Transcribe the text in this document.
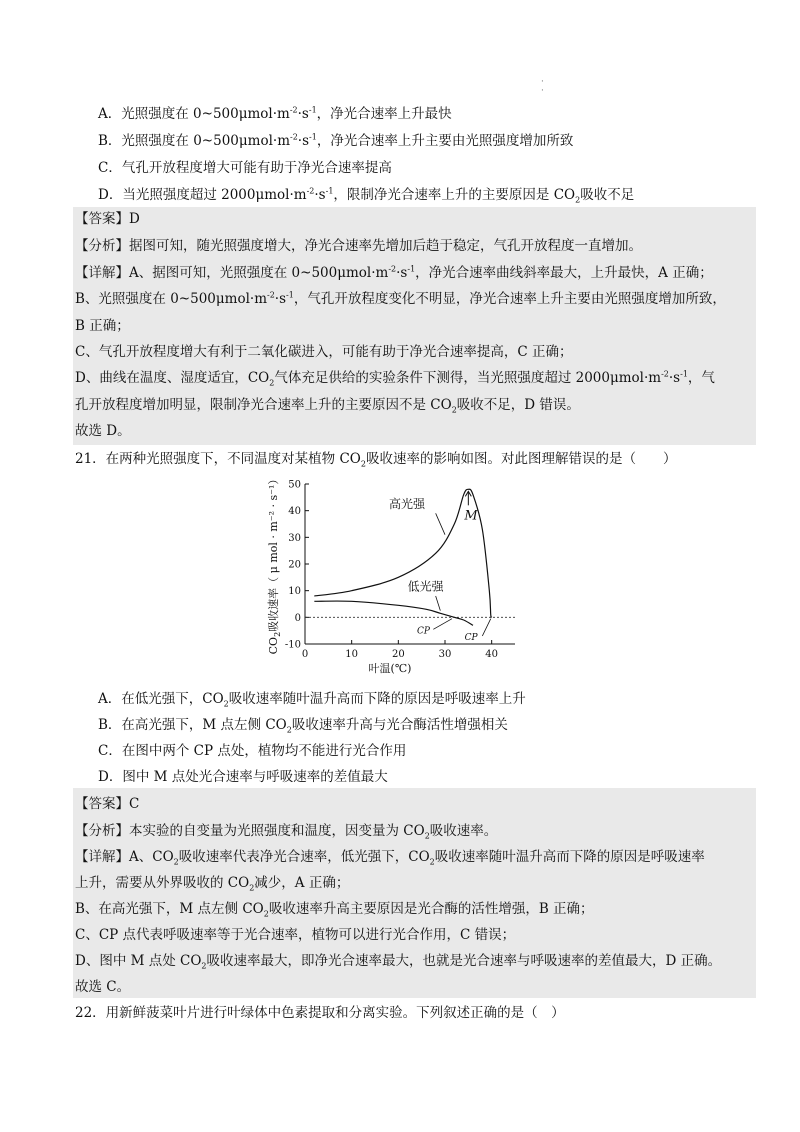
·
·
A．光照强度在 $0\sim 500\mu mol\cdot m^{-2}\cdot s^{-1}$，净光合速率上升最快
B．光照强度在 $0\sim 500\mu mol\cdot m^{-2}\cdot s^{-1}$，净光合速率上升主要由光照强度增加所致
C．气孔开放程度增大可能有助于净光合速率提高
D．当光照强度超过 $2000\mu mol\cdot m^{-2}\cdot s^{-1}$，限制净光合速率上升的主要原因是 $CO_2$吸收不足
【答案】D
【分析】据图可知，随光照强度增大，净光合速率先增加后趋于稳定，气孔开放程度一直增加。
【详解】A、据图可知，光照强度在 $0\sim 500\mu mol\cdot m^{-2}\cdot s^{-1}$，净光合速率曲线斜率最大，上升最快，A 正确；
B、光照强度在 $0\sim 500\mu mol\cdot m^{-2}\cdot s^{-1}$，气孔开放程度变化不明显，净光合速率上升主要由光照强度增加所致，
B 正确；
C、气孔开放程度增大有利于二氧化碳进入，可能有助于净光合速率提高，C 正确；
D、曲线在温度、湿度适宜，$CO_2$气体充足供给的实验条件下测得，当光照强度超过 $2000\mu mol\cdot m^{-2}\cdot s^{-1}$，气
孔开放程度增加明显，限制净光合速率上升的主要原因不是 $CO_2$吸收不足，D 错误。
故选 D。
21．在两种光照强度下，不同温度对某植物 $CO_2$吸收速率的影响如图。对此图理解错误的是（　　）
0	10	20	30	40
-10
0
10
20
30
40
50
高光强
低光强
M
CP
CP
$CO_2$吸收速率（ μ mol · m⁻² · s⁻¹）
叶温(℃)
A．在低光强下，$CO_2$吸收速率随叶温升高而下降的原因是呼吸速率上升
B．在高光强下，M 点左侧 $CO_2$吸收速率升高与光合酶活性增强相关
C．在图中两个 CP 点处，植物均不能进行光合作用
D．图中 M 点处光合速率与呼吸速率的差值最大
【答案】C
【分析】本实验的自变量为光照强度和温度，因变量为 $CO_2$吸收速率。
【详解】A、$CO_2$吸收速率代表净光合速率，低光强下，$CO_2$吸收速率随叶温升高而下降的原因是呼吸速率
上升，需要从外界吸收的 $CO_2$减少，A 正确；
B、在高光强下，M 点左侧 $CO_2$吸收速率升高主要原因是光合酶的活性增强，B 正确；
C、CP 点代表呼吸速率等于光合速率，植物可以进行光合作用，C 错误；
D、图中 M 点处 $CO_2$吸收速率最大，即净光合速率最大，也就是光合速率与呼吸速率的差值最大，D 正确。
故选 C。
22．用新鲜菠菜叶片进行叶绿体中色素提取和分离实验。下列叙述正确的是（　）
